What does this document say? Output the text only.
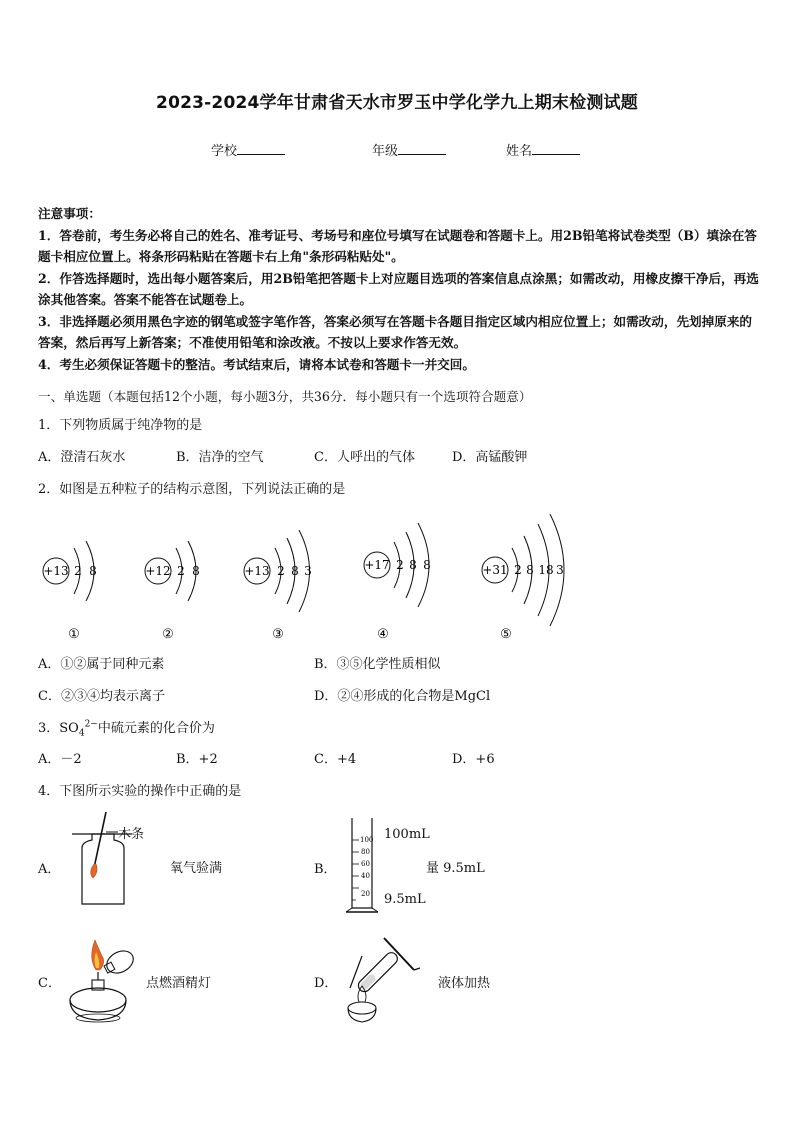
2023-2024学年甘肃省天水市罗玉中学化学九上期末检测试题
学校	年级	姓名

注意事项：

1．答卷前，考生务必将自己的姓名、准考证号、考场号和座位号填写在试题卷和答题卡上。用2B铅笔将试卷类型（B）填涂在答题卡相应位置上。将条形码粘贴在答题卡右上角"条形码粘贴处"。

2．作答选择题时，选出每小题答案后，用2B铅笔把答题卡上对应题目选项的答案信息点涂黑；如需改动，用橡皮擦干净后，再选涂其他答案。答案不能答在试题卷上。

3．非选择题必须用黑色字迹的钢笔或签字笔作答，答案必须写在答题卡各题目指定区域内相应位置上；如需改动，先划掉原来的答案，然后再写上新答案；不准使用铅笔和涂改液。不按以上要求作答无效。

4．考生必须保证答题卡的整洁。考试结束后，请将本试卷和答题卡一并交回。

一、单选题（本题包括12个小题，每小题3分，共36分．每小题只有一个选项符合题意）
1．下列物质属于纯净物的是
A．澄清石灰水	B．洁净的空气	C．人呼出的气体	D．高锰酸钾
2．如图是五种粒子的结构示意图，下列说法正确的是
+13 2 8
①
+12 2 8
②
+13 2 8 3
③
+17 2 8 8
④
+31 2 8 18 3
⑤
A．①②属于同种元素	B．③⑤化学性质相似
C．②③④均表示离子	D．②④形成的化合物是MgCl
3．$SO_4^{2-}$中硫元素的化合价为
A．－2	B．+2	C．+4	D．+6
4．下图所示实验的操作中正确的是
A．
木条
氧气验满	B．
100
80
60
40
20
100mL
9.5mL
量 9.5mL
C．	点燃酒精灯	D．	液体加热
